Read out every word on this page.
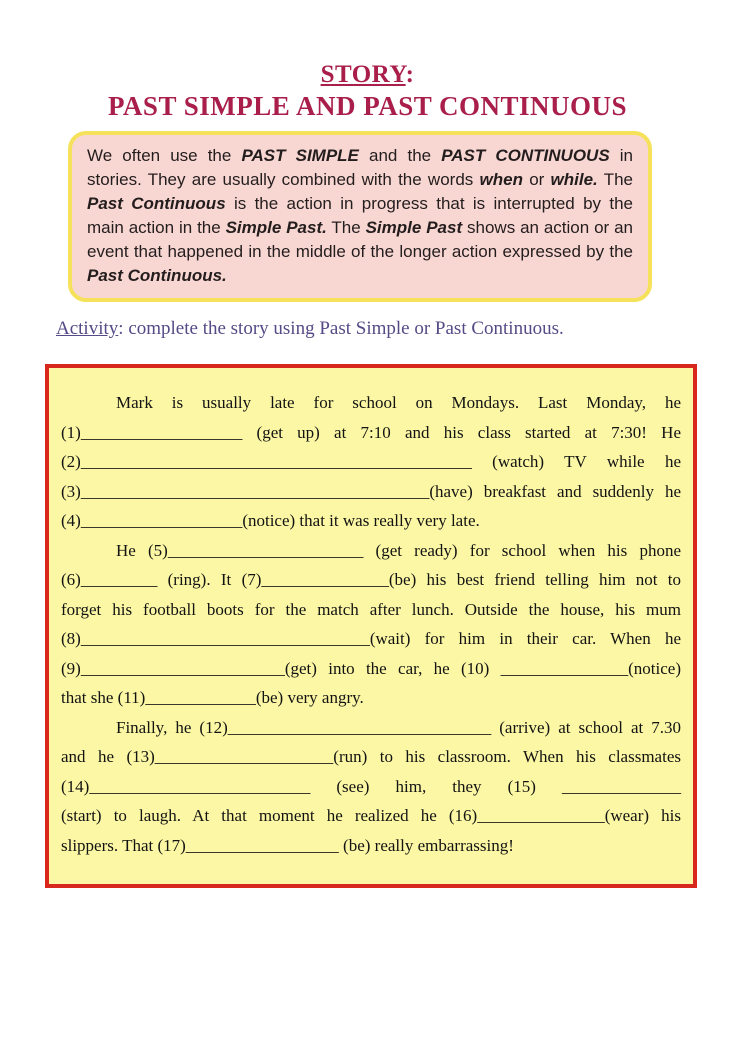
STORY:
PAST SIMPLE AND PAST CONTINUOUS
We often use the PAST SIMPLE and the PAST CONTINUOUS in stories. They are usually combined with the words when or while. The Past Continuous is the action in progress that is interrupted by the main action in the Simple Past. The Simple Past shows an action or an event that happened in the middle of the longer action expressed by the Past Continuous.
Activity: complete the story using Past Simple or Past Continuous.
Mark is usually late for school on Mondays. Last Monday, he
(1)___________________ (get up) at 7:10 and his class started at 7:30! He
(2)______________________________________________ (watch) TV while he
(3)_________________________________________(have) breakfast and suddenly he
(4)___________________(notice) that it was really very late.
He (5)_______________________ (get ready) for school when his phone
(6)_________ (ring). It (7)_______________(be) his best friend telling him not to
forget his football boots for the match after lunch. Outside the house, his mum
(8)__________________________________(wait) for him in their car. When he
(9)________________________(get) into the car, he (10) _______________(notice)
that she (11)_____________(be) very angry.
Finally, he (12)_______________________________ (arrive) at school at 7.30
and he (13)_____________________(run) to his classroom. When his classmates
(14)__________________________ (see) him, they (15) ______________
(start) to laugh. At that moment he realized he (16)_______________(wear) his
slippers. That (17)__________________ (be) really embarrassing!
